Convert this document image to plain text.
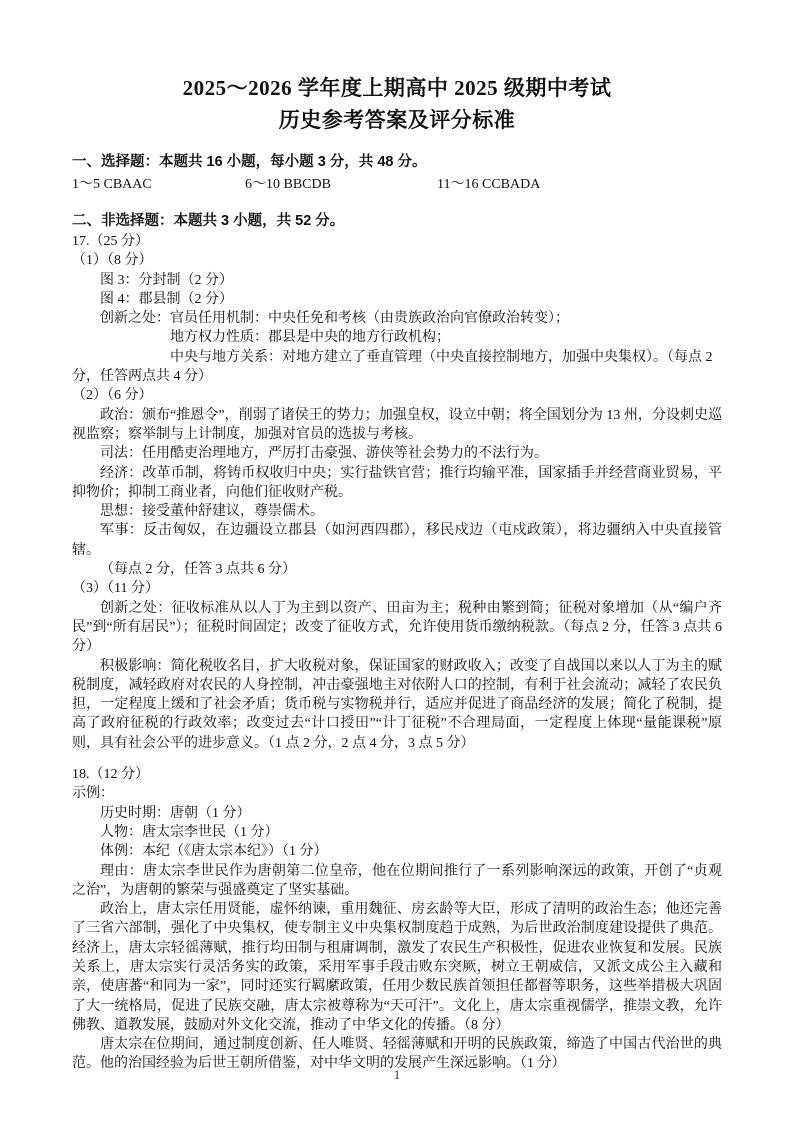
2025～2026 学年度上期高中 2025 级期中考试
历史参考答案及评分标准
一、选择题：本题共 16 小题，每小题 3 分，共 48 分。
1～5 CBAAC	6～10 BBCDB	11～16 CCBADA
二、非选择题：本题共 3 小题，共 52 分。
17.（25 分）
（1）（8 分）
图 3：分封制（2 分）
图 4：郡县制（2 分）
创新之处：官员任用机制：中央任免和考核（由贵族政治向官僚政治转变）；
地方权力性质：郡县是中央的地方行政机构；
中央与地方关系：对地方建立了垂直管理（中央直接控制地方，加强中央集权）。（每点 2
分，任答两点共 4 分）
（2）（6 分）
政治：颁布“推恩令”，削弱了诸侯王的势力；加强皇权，设立中朝；将全国划分为 13 州，分设刺史巡视监察；察举制与上计制度，加强对官员的选拔与考核。
司法：任用酷吏治理地方，严厉打击豪强、游侠等社会势力的不法行为。
经济：改革币制，将铸币权收归中央；实行盐铁官营；推行均输平准，国家插手并经营商业贸易，平抑物价；抑制工商业者，向他们征收财产税。
思想：接受董仲舒建议，尊崇儒术。
军事：反击匈奴，在边疆设立郡县（如河西四郡），移民戍边（屯戍政策），将边疆纳入中央直接管辖。
（每点 2 分，任答 3 点共 6 分）
（3）（11 分）
创新之处：征收标准从以人丁为主到以资产、田亩为主；税种由繁到简；征税对象增加（从“编户齐民”到“所有居民”）；征税时间固定；改变了征收方式，允许使用货币缴纳税款。（每点 2 分，任答 3 点共 6 分）
积极影响：简化税收名目，扩大收税对象，保证国家的财政收入；改变了自战国以来以人丁为主的赋税制度，减轻政府对农民的人身控制，冲击豪强地主对依附人口的控制，有利于社会流动；减轻了农民负担，一定程度上缓和了社会矛盾；货币税与实物税并行，适应并促进了商品经济的发展；简化了税制，提高了政府征税的行政效率；改变过去“计口授田”“计丁征税”不合理局面，一定程度上体现“量能课税”原则，具有社会公平的进步意义。（1 点 2 分，2 点 4 分，3 点 5 分）
18.（12 分）
示例：
历史时期：唐朝（1 分）
人物：唐太宗李世民（1 分）
体例：本纪（《唐太宗本纪》）（1 分）
理由：唐太宗李世民作为唐朝第二位皇帝，他在位期间推行了一系列影响深远的政策，开创了“贞观之治”，为唐朝的繁荣与强盛奠定了坚实基础。
政治上，唐太宗任用贤能，虚怀纳谏，重用魏征、房玄龄等大臣，形成了清明的政治生态；他还完善了三省六部制，强化了中央集权，使专制主义中央集权制度趋于成熟，为后世政治制度建设提供了典范。经济上，唐太宗轻徭薄赋，推行均田制与租庸调制，激发了农民生产积极性，促进农业恢复和发展。民族关系上，唐太宗实行灵活务实的政策，采用军事手段击败东突厥，树立王朝威信，又派文成公主入藏和亲，使唐蕃“和同为一家”，同时还实行羁縻政策，任用少数民族首领担任都督等职务，这些举措极大巩固了大一统格局，促进了民族交融，唐太宗被尊称为“天可汗”。文化上，唐太宗重视儒学，推崇文教，允许佛教、道教发展，鼓励对外文化交流，推动了中华文化的传播。（8 分）
唐太宗在位期间，通过制度创新、任人唯贤、轻徭薄赋和开明的民族政策，缔造了中国古代治世的典范。他的治国经验为后世王朝所借鉴，对中华文明的发展产生深远影响。（1 分）
1
